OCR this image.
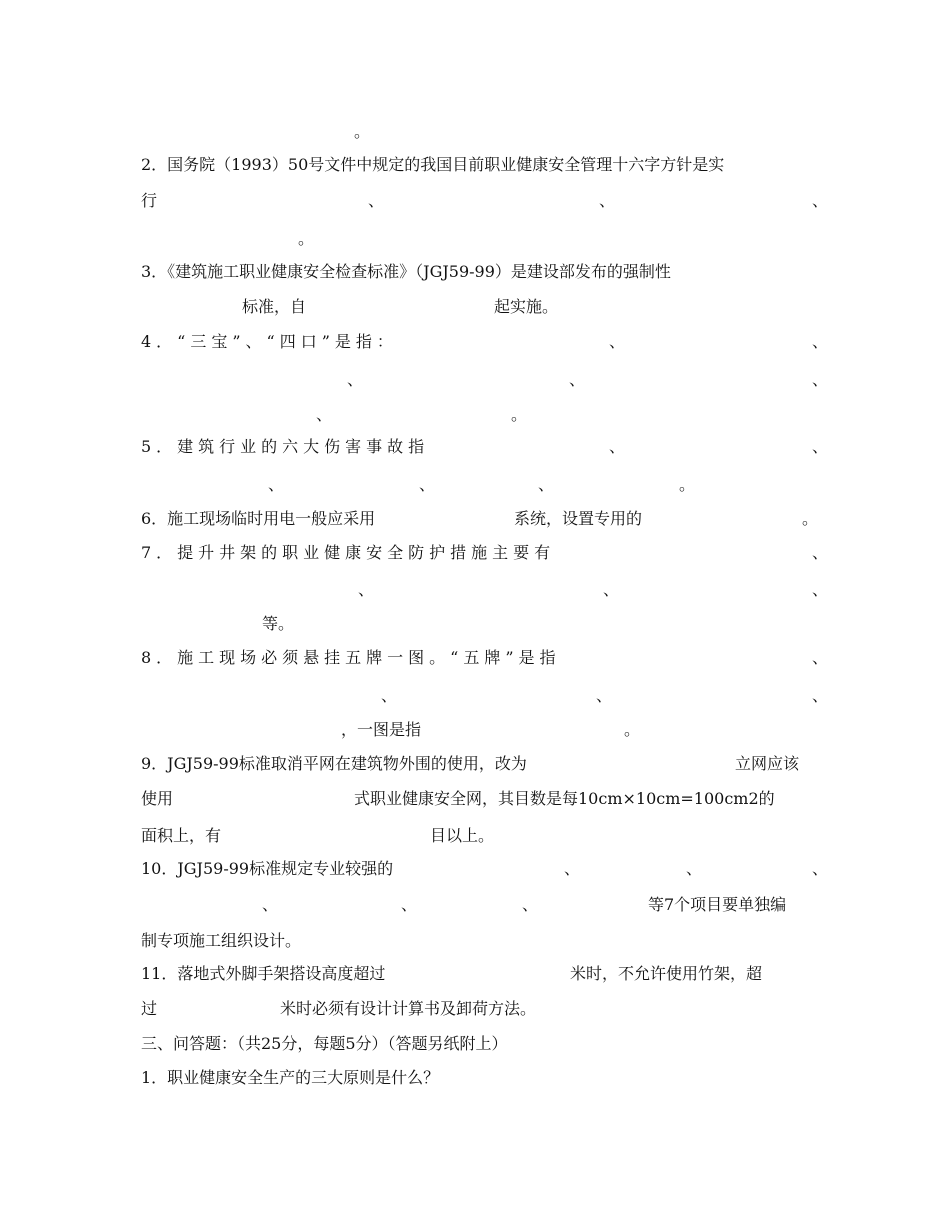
。
2．国务院（1993）50号文件中规定的我国目前职业健康安全管理十六字方针是实
行	、	、	、
。
3．《建筑施工职业健康安全检查标准》（JGJ59-99）是建设部发布的强制性
标准，自	起实施。
4．“三宝”、“四口”是指：	、	、
、	、	、
、	。
5．建筑行业的六大伤害事故指	、	、
、	、	、	。
6．施工现场临时用电一般应采用	系统，设置专用的	。
7．提升井架的职业健康安全防护措施主要有	、
、	、	、
等。
8．施工现场必须悬挂五牌一图。“五牌”是指	、
、	、	、
，一图是指	。
9．JGJ59-99标准取消平网在建筑物外围的使用，改为	立网应该
使用	式职业健康安全网，其目数是每10cm×10cm=100cm2的
面积上，有	目以上。
10．JGJ59-99标准规定专业较强的	、	、	、
、	、	、	等7个项目要单独编
制专项施工组织设计。
11．落地式外脚手架搭设高度超过	米时，不允许使用竹架，超
过	米时必须有设计计算书及卸荷方法。
三、问答题：（共25分，每题5分）（答题另纸附上）
1．职业健康安全生产的三大原则是什么？
